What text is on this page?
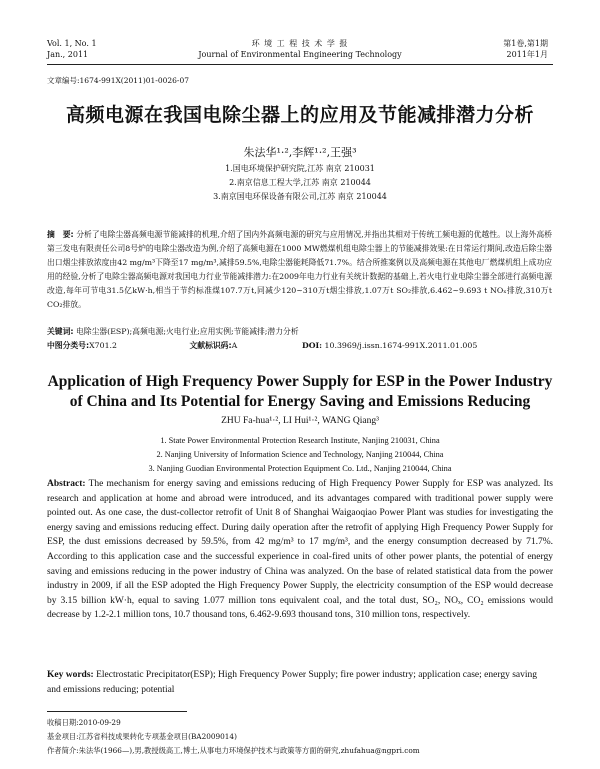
Vol. 1, No. 1
Jan., 2011
环 境 工 程 技 术 学 报
Journal of Environmental Engineering Technology
第1卷,第1期
2011年1月
文章编号:1674-991X(2011)01-0026-07
高频电源在我国电除尘器上的应用及节能减排潜力分析
朱法华¹·²,李辉¹·²,王强³
1.国电环境保护研究院,江苏 南京 210031
2.南京信息工程大学,江苏 南京 210044
3.南京国电环保设备有限公司,江苏 南京 210044
摘　要: 分析了电除尘器高频电源节能减排的机理,介绍了国内外高频电源的研究与应用情况,并指出其相对于传统工频电源的优越性。以上海外高桥第三发电有限责任公司8号炉的电除尘器改造为例,介绍了高频电源在1000 MW燃煤机组电除尘器上的节能减排效果:在日常运行期间,改造后除尘器出口烟尘排放浓度由42 mg/m³下降至17 mg/m³,减排59.5%,电除尘器能耗降低71.7%。结合所推案例以及高频电源在其他电厂燃煤机组上成功应用的经验,分析了电除尘器高频电源对我国电力行业节能减排潜力:在2009年电力行业有关统计数据的基础上,若火电行业电除尘器全部进行高频电源改造,每年可节电31.5亿kW·h,相当于节约标准煤107.7万t,同减少120~310万t烟尘排放,1.07万t SO₂排放,6.462~9.693 t NOₓ排放,310万t CO₂排放。
关键词: 电除尘器(ESP);高频电源;火电行业;应用实例;节能减排;潜力分析
中图分类号:X701.2	文献标识码:A	DOI: 10.3969/j.issn.1674-991X.2011.01.005
Application of High Frequency Power Supply for ESP in the Power Industry of China and Its Potential for Energy Saving and Emissions Reducing
ZHU Fa-hua¹·², LI Hui¹·², WANG Qiang³
1. State Power Environmental Protection Research Institute, Nanjing 210031, China
2. Nanjing University of Information Science and Technology, Nanjing 210044, China
3. Nanjing Guodian Environmental Protection Equipment Co. Ltd., Nanjing 210044, China
Abstract: The mechanism for energy saving and emissions reducing of High Frequency Power Supply for ESP was analyzed. Its research and application at home and abroad were introduced, and its advantages compared with traditional power supply were pointed out. As one case, the dust-collector retrofit of Unit 8 of Shanghai Waigaoqiao Power Plant was studies for investigating the energy saving and emissions reducing effect. During daily operation after the retrofit of applying High Frequency Power Supply for ESP, the dust emissions decreased by 59.5%, from 42 mg/m³ to 17 mg/m³, and the energy consumption decreased by 71.7%. According to this application case and the successful experience in coal-fired units of other power plants, the potential of energy saving and emissions reducing in the power industry of China was analyzed. On the base of related statistical data from the power industry in 2009, if all the ESP adopted the High Frequency Power Supply, the electricity consumption of the ESP would decrease by 3.15 billion kW·h, equal to saving 1.077 million tons equivalent coal, and the total dust, SO₂, NOₓ, CO₂ emissions would decrease by 1.2-2.1 million tons, 10.7 thousand tons, 6.462-9.693 thousand tons, 310 million tons, respectively.
Key words: Electrostatic Precipitator(ESP); High Frequency Power Supply; fire power industry; application case; energy saving and emissions reducing; potential
收稿日期:2010-09-29
基金项目:江苏省科技成果转化专项基金项目(BA2009014)
作者简介:朱法华(1966—),男,教授级高工,博士,从事电力环境保护技术与政策等方面的研究,zhufahua@ngpri.com
